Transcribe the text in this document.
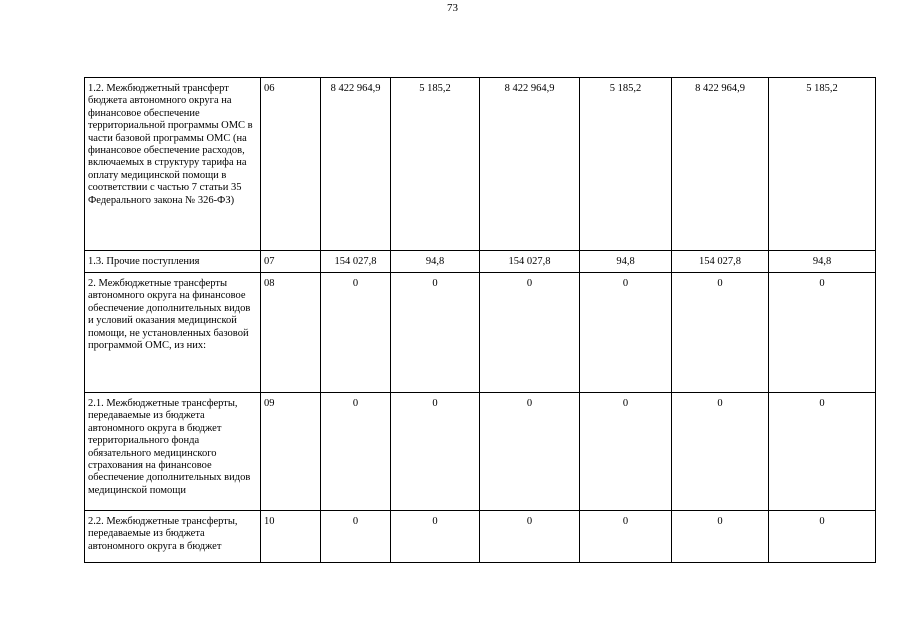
73
1.2. Межбюджетный трансферт бюджета автономного округа на финансовое обеспечение территориальной программы ОМС в части базовой программы ОМС (на финансовое обеспечение расходов, включаемых в структуру тарифа на оплату медицинской помощи в соответствии с частью 7 статьи 35 Федерального закона № 326-ФЗ)	06	8 422 964,9	5 185,2	8 422 964,9	5 185,2	8 422 964,9	5 185,2
1.3. Прочие поступления	07	154 027,8	94,8	154 027,8	94,8	154 027,8	94,8
2. Межбюджетные трансферты автономного округа на финансовое обеспечение дополнительных видов и условий оказания медицинской помощи, не установленных базовой программой ОМС, из них:	08	0	0	0	0	0	0
2.1. Межбюджетные трансферты, передаваемые из бюджета автономного округа в бюджет территориального фонда обязательного медицинского страхования на финансовое обеспечение дополнительных видов медицинской помощи	09	0	0	0	0	0	0
2.2. Межбюджетные трансферты, передаваемые из бюджета автономного округа в бюджет	10	0	0	0	0	0	0
